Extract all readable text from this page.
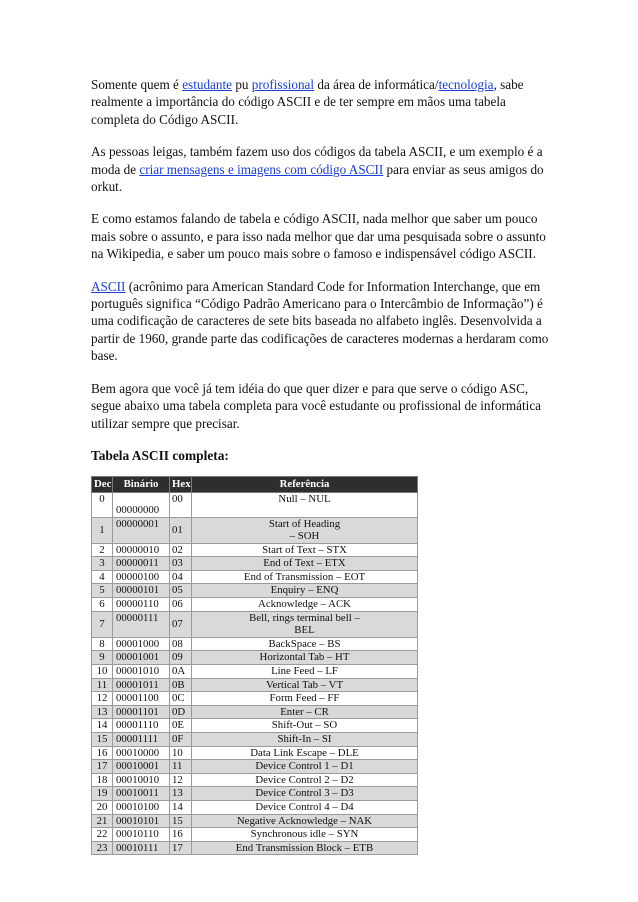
Somente quem é estudante pu profissional da área de informática/tecnologia, sabe realmente a importância do código ASCII e de ter sempre em mãos uma tabela completa do Código ASCII.

As pessoas leigas, também fazem uso dos códigos da tabela ASCII, e um exemplo é a moda de criar mensagens e imagens com código ASCII para enviar as seus amigos do orkut.

E como estamos falando de tabela e código ASCII, nada melhor que saber um pouco mais sobre o assunto, e para isso nada melhor que dar uma pesquisada sobre o assunto na Wikipedia, e saber um pouco mais sobre o famoso e indispensável código ASCII.

ASCII (acrônimo para American Standard Code for Information Interchange, que em português significa “Código Padrão Americano para o Intercâmbio de Informação”) é uma codificação de caracteres de sete bits baseada no alfabeto inglês. Desenvolvida a partir de 1960, grande parte das codificações de caracteres modernas a herdaram como base.

Bem agora que você já tem idéia do que quer dizer e para que serve o código ASC, segue abaixo uma tabela completa para você estudante ou profissional de informática utilizar sempre que precisar.

Tabela ASCII completa:
Dec	Binário	Hex	Referência
0	00000000	00	Null – NUL
1	00000001	01	Start of Heading
– SOH
2	00000010	02	Start of Text – STX
3	00000011	03	End of Text – ETX
4	00000100	04	End of Transmission – EOT
5	00000101	05	Enquiry – ENQ
6	00000110	06	Acknowledge – ACK
7	00000111	07	Bell, rings terminal bell –
BEL
8	00001000	08	BackSpace – BS
9	00001001	09	Horizontal Tab – HT
10	00001010	0A	Line Feed – LF
11	00001011	0B	Vertical Tab – VT
12	00001100	0C	Form Feed – FF
13	00001101	0D	Enter – CR
14	00001110	0E	Shift-Out – SO
15	00001111	0F	Shift-In – SI
16	00010000	10	Data Link Escape – DLE
17	00010001	11	Device Control 1 – D1
18	00010010	12	Device Control 2 – D2
19	00010011	13	Device Control 3 – D3
20	00010100	14	Device Control 4 – D4
21	00010101	15	Negative Acknowledge – NAK
22	00010110	16	Synchronous idle – SYN
23	00010111	17	End Transmission Block – ETB
